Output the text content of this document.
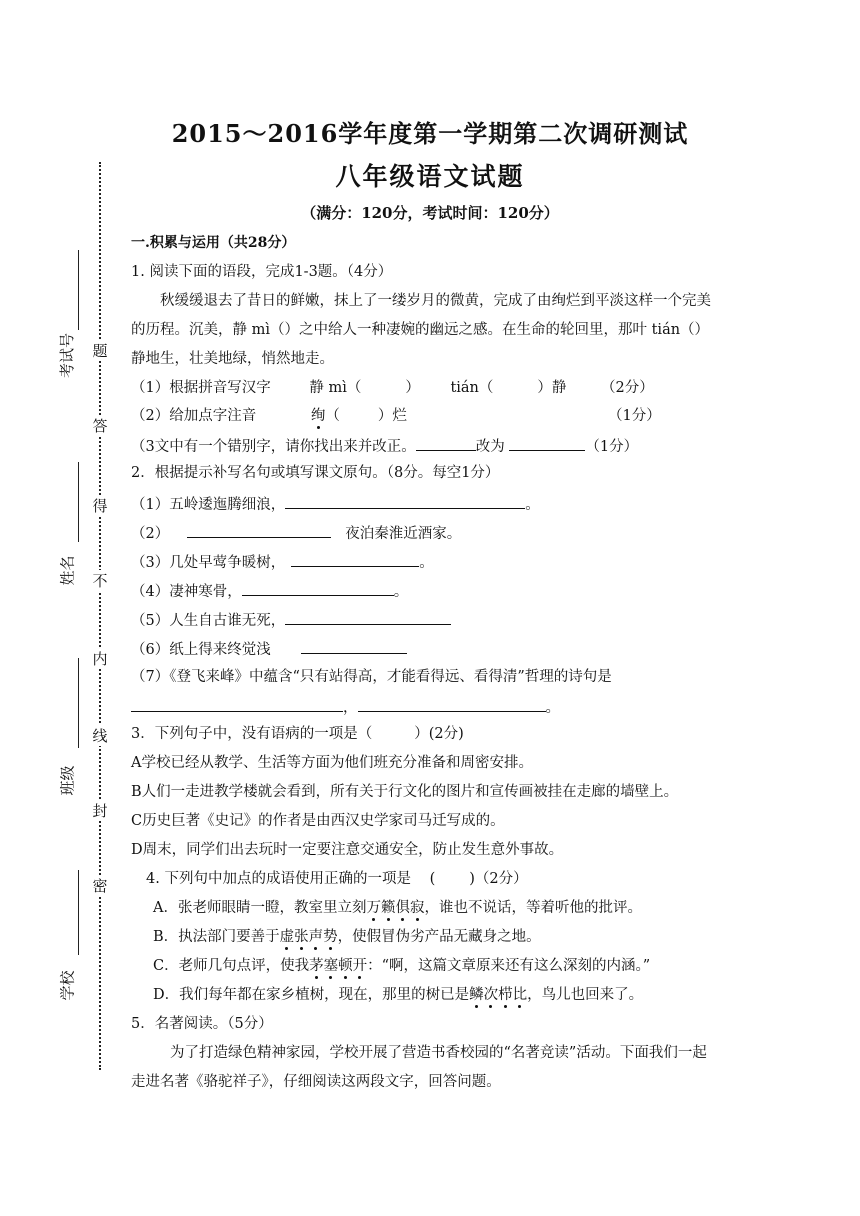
考试号
姓名
班级
学校
题
答
得
不
内
线
封
密
2015～2016学年度第一学期第二次调研测试
八年级语文试题
（满分：120分，考试时间：120分）
一.积累与运用（共28分）
1. 阅读下面的语段，完成1-3题。（4分）
秋缓缓退去了昔日的鲜嫩，抹上了一缕岁月的微黄，完成了由绚烂到平淡这样一个完美
的历程。沉美，静 mì（）之中给人一种凄婉的幽远之感。在生命的轮回里，那叶 tián（）
静地生，壮美地绿，悄然地走。
（1）根据拼音写汉字	静 mì（	） tián（	）静 （2分）
（2）给加点字注音	绚（	）烂	（1分）
（3文中有一个错别字，请你找出来并改正。	改为	（1分）
2．根据提示补写名句或填写课文原句。（8分。每空1分）
（1）五岭逶迤腾细浪，	。
（2）	夜泊秦淮近酒家。
（3）几处早莺争暖树，	。
（4）凄神寒骨，	。
（5）人生自古谁无死，
（6）纸上得来终觉浅
（7）《登飞来峰》中蕴含“只有站得高，才能看得远、看得清”哲理的诗句是
，	。
3．下列句子中，没有语病的一项是（	）(2分)
A学校已经从教学、生活等方面为他们班充分准备和周密安排。
B人们一走进教学楼就会看到，所有关于行文化的图片和宣传画被挂在走廊的墙壁上。
C历史巨著《史记》的作者是由西汉史学家司马迁写成的。
D周末，同学们出去玩时一定要注意交通安全，防止发生意外事故。
4. 下列句中加点的成语使用正确的一项是 ( )（2分）
A．张老师眼睛一瞪，教室里立刻万籁俱寂，谁也不说话，等着听他的批评。
B．执法部门要善于虚张声势，使假冒伪劣产品无藏身之地。
C．老师几句点评，使我茅塞顿开：“啊，这篇文章原来还有这么深刻的内涵。”
D．我们每年都在家乡植树，现在，那里的树已是鳞次栉比，鸟儿也回来了。
5．名著阅读。（5分）
为了打造绿色精神家园，学校开展了营造书香校园的“名著竞读”活动。下面我们一起
走进名著《骆驼祥子》，仔细阅读这两段文字，回答问题。
